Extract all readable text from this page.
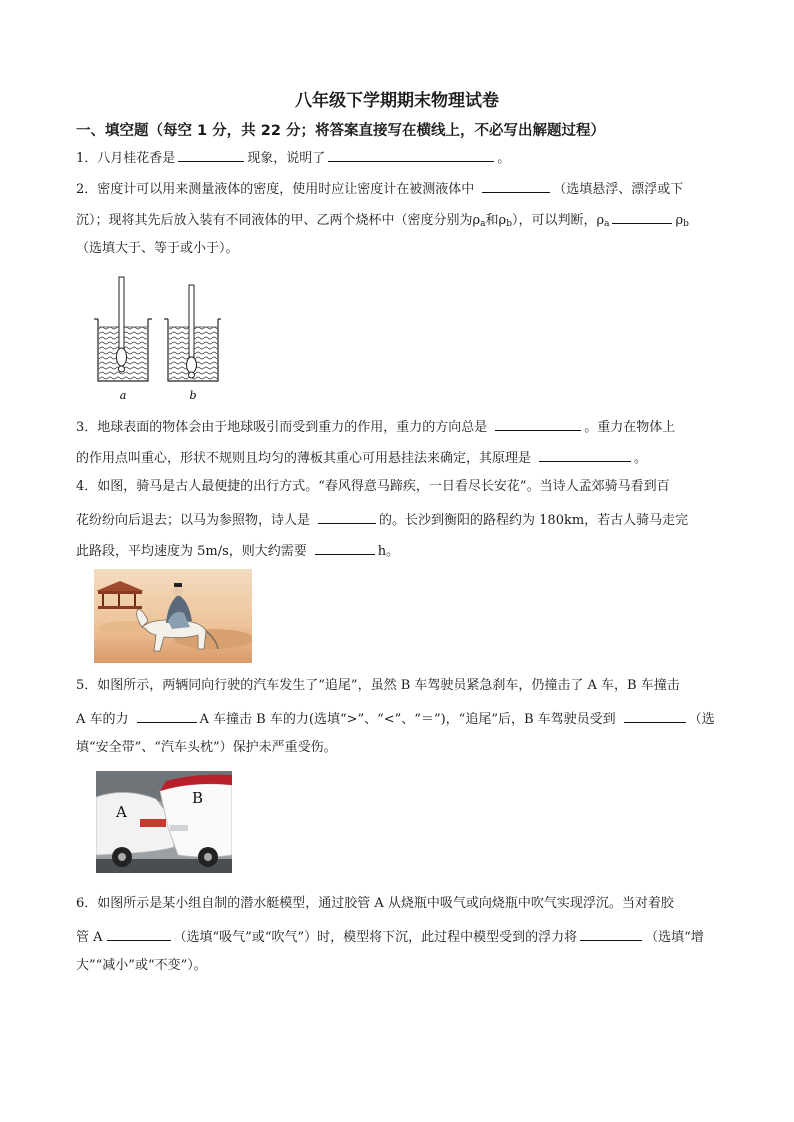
八年级下学期期末物理试卷
一、填空题（每空 1 分，共 22 分；将答案直接写在横线上，不必写出解题过程）
1．八月桂花香是	现象，说明了	。
2．密度计可以用来测量液体的密度，使用时应让密度计在被测液体中	（选填悬浮、漂浮或下
沉）；现将其先后放入装有不同液体的甲、乙两个烧杯中（密度分别为$\rho_a$和$\rho_b$），可以判断，$\rho_a$	$\rho_b$
（选填大于、等于或小于）。
a	b
3．地球表面的物体会由于地球吸引而受到重力的作用，重力的方向总是	。重力在物体上
的作用点叫重心，形状不规则且均匀的薄板其重心可用悬挂法来确定，其原理是	。
4．如图，骑马是古人最便捷的出行方式。“春风得意马蹄疾，一日看尽长安花”。当诗人孟郊骑马看到百
花纷纷向后退去；以马为参照物，诗人是	的。长沙到衡阳的路程约为 180km，若古人骑马走完
此路段，平均速度为 5m/s，则大约需要	h。
5．如图所示，两辆同向行驶的汽车发生了“追尾”，虽然 B 车驾驶员紧急刹车，仍撞击了 A 车，B 车撞击
A 车的力	A 车撞击 B 车的力(选填“>”、“<”、“＝”)，“追尾”后，B 车驾驶员受到	（选
填“安全带”、“汽车头枕”）保护未严重受伤。
A
B
6．如图所示是某小组自制的潜水艇模型，通过胶管 A 从烧瓶中吸气或向烧瓶中吹气实现浮沉。当对着胶
管 A	（选填“吸气”或“吹气”）时，模型将下沉，此过程中模型受到的浮力将	（选填“增
大”“减小”或“不变”）。
